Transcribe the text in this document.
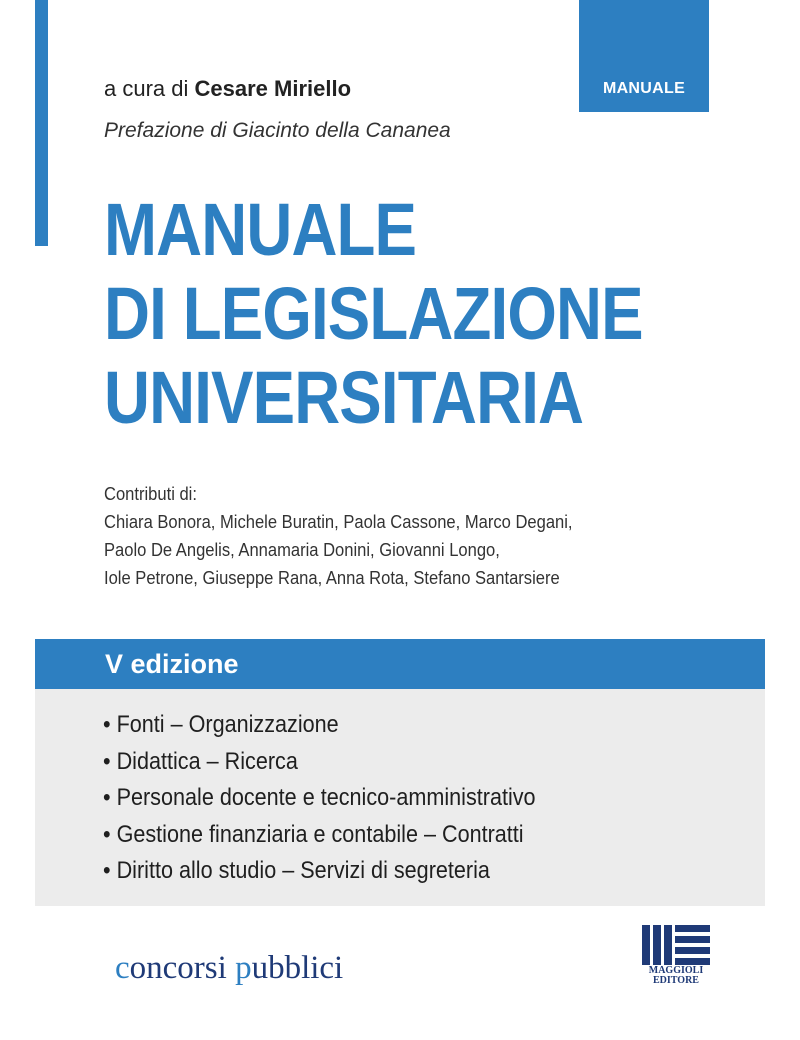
MANUALE
a cura di Cesare Miriello
Prefazione di Giacinto della Cananea
MANUALE
DI LEGISLAZIONE
UNIVERSITARIA
Contributi di:
Chiara Bonora, Michele Buratin, Paola Cassone, Marco Degani,
Paolo De Angelis, Annamaria Donini, Giovanni Longo,
Iole Petrone, Giuseppe Rana, Anna Rota, Stefano Santarsiere
V edizione
• Fonti – Organizzazione
• Didattica – Ricerca
• Personale docente e tecnico-amministrativo
• Gestione finanziaria e contabile – Contratti
• Diritto allo studio – Servizi di segreteria
concorsi pubblici	MAGGIOLI
EDITORE
